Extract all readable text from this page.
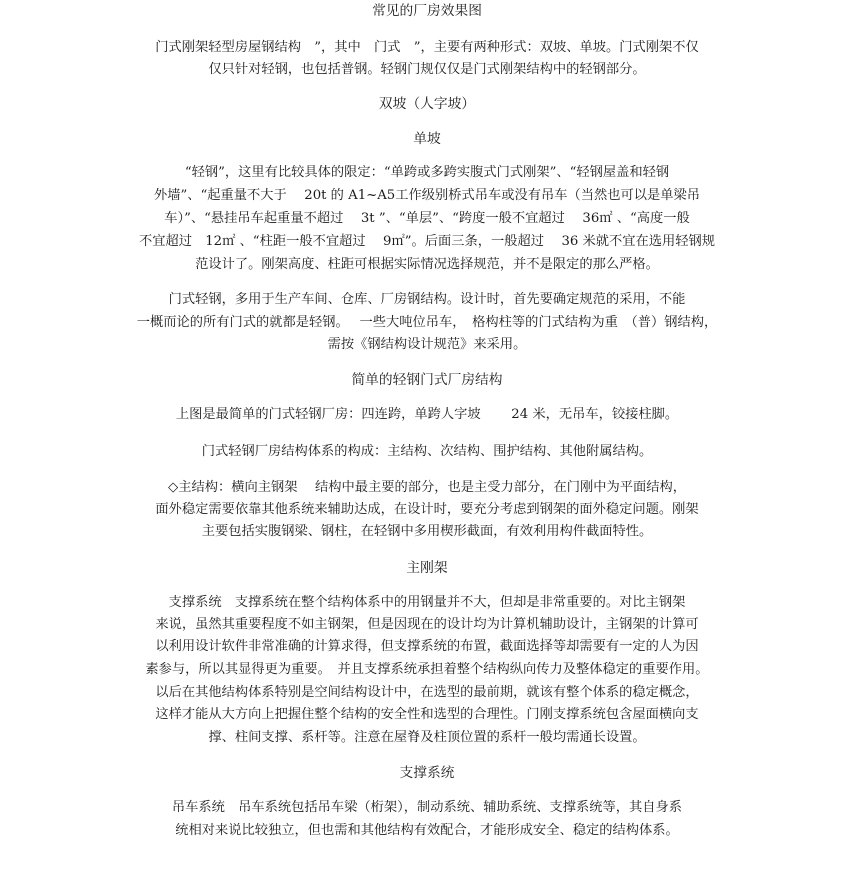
常见的厂房效果图
门式刚架轻型房屋钢结构　”，其中　门式　”，主要有两种形式：双坡、单坡。门式刚架不仅
仅只针对轻钢，也包括普钢。轻钢门规仅仅是门式刚架结构中的轻钢部分。
双坡（人字坡）
单坡
“轻钢”，这里有比较具体的限定：“单跨或多跨实腹式门式刚架”、“轻钢屋盖和轻钢
外墙”、“起重量不大于　 20t 的 A1~A5工作级别桥式吊车或没有吊车（当然也可以是单梁吊
车）”、“悬挂吊车起重量不超过　 3t ”、“单层”、“跨度一般不宜超过　 36㎡ 、“高度一般
不宜超过　12㎡ 、“柱距一般不宜超过　 9㎡”。后面三条，一般超过　 36 米就不宜在选用轻钢规
范设计了。刚架高度、柱距可根据实际情况选择规范，并不是限定的那么严格。
门式轻钢，多用于生产车间、仓库、厂房钢结构。设计时，首先要确定规范的采用，不能
一概而论的所有门式的就都是轻钢。　 一些大吨位吊车，　格构柱等的门式结构为重　（普）钢结构，
需按《钢结构设计规范》来采用。
简单的轻钢门式厂房结构
上图是最简单的门式轻钢厂房：四连跨，单跨人字坡　　 24 米，无吊车，铰接柱脚。
门式轻钢厂房结构体系的构成：主结构、次结构、围护结构、其他附属结构。
◇主结构：横向主钢架　 结构中最主要的部分，也是主受力部分，在门刚中为平面结构，
面外稳定需要依靠其他系统来辅助达成，在设计时，要充分考虑到钢架的面外稳定问题。刚架
主要包括实腹钢梁、钢柱，在轻钢中多用楔形截面，有效利用构件截面特性。
主刚架
支撑系统　支撑系统在整个结构体系中的用钢量并不大，但却是非常重要的。对比主钢架
来说，虽然其重要程度不如主钢架，但是因现在的设计均为计算机辅助设计，主钢架的计算可
以利用设计软件非常准确的计算求得，但支撑系统的布置，截面选择等却需要有一定的人为因
素参与，所以其显得更为重要。　并且支撑系统承担着整个结构纵向传力及整体稳定的重要作用。
以后在其他结构体系特别是空间结构设计中，在选型的最前期，就该有整个体系的稳定概念，
这样才能从大方向上把握住整个结构的安全性和选型的合理性。门刚支撑系统包含屋面横向支
撑、柱间支撑、系杆等。注意在屋脊及柱顶位置的系杆一般均需通长设置。
支撑系统
吊车系统　吊车系统包括吊车梁（桁架），制动系统、辅助系统、支撑系统等，其自身系
统相对来说比较独立，但也需和其他结构有效配合，才能形成安全、稳定的结构体系。
